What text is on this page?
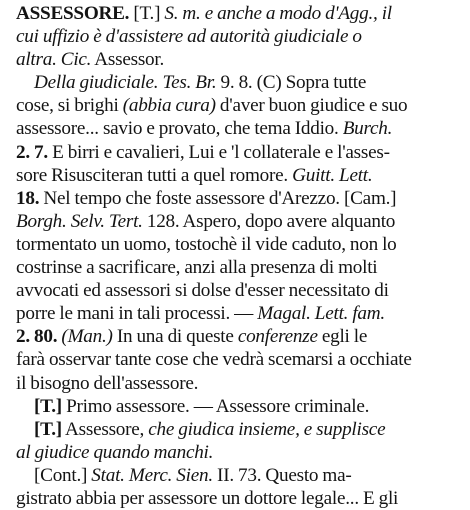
ASSESSORE. [T.] S. m. e anche a modo d'Agg., il
cui uffizio è d'assistere ad autorità giudiciale o
altra. Cic. Assessor.
Della giudiciale. Tes. Br. 9. 8. (C) Sopra tutte
cose, si brighi (abbia cura) d'aver buon giudice e suo
assessore... savio e provato, che tema Iddio. Burch.
2. 7. E birri e cavalieri, Lui e 'l collaterale e l'asses-
sore Risusciteran tutti a quel romore. Guitt. Lett.
18. Nel tempo che foste assessore d'Arezzo. [Cam.]
Borgh. Selv. Tert. 128. Aspero, dopo avere alquanto
tormentato un uomo, tostochè il vide caduto, non lo
costrinse a sacrificare, anzi alla presenza di molti
avvocati ed assessori si dolse d'esser necessitato di
porre le mani in tali processi. — Magal. Lett. fam.
2. 80. (Man.) In una di queste conferenze egli le
farà osservar tante cose che vedrà scemarsi a occhiate
il bisogno dell'assessore.
[T.] Primo assessore. — Assessore criminale.
[T.] Assessore, che giudica insieme, e supplisce
al giudice quando manchi.
[Cont.] Stat. Merc. Sien. II. 73. Questo ma-
gistrato abbia per assessore un dottore legale... E gli
